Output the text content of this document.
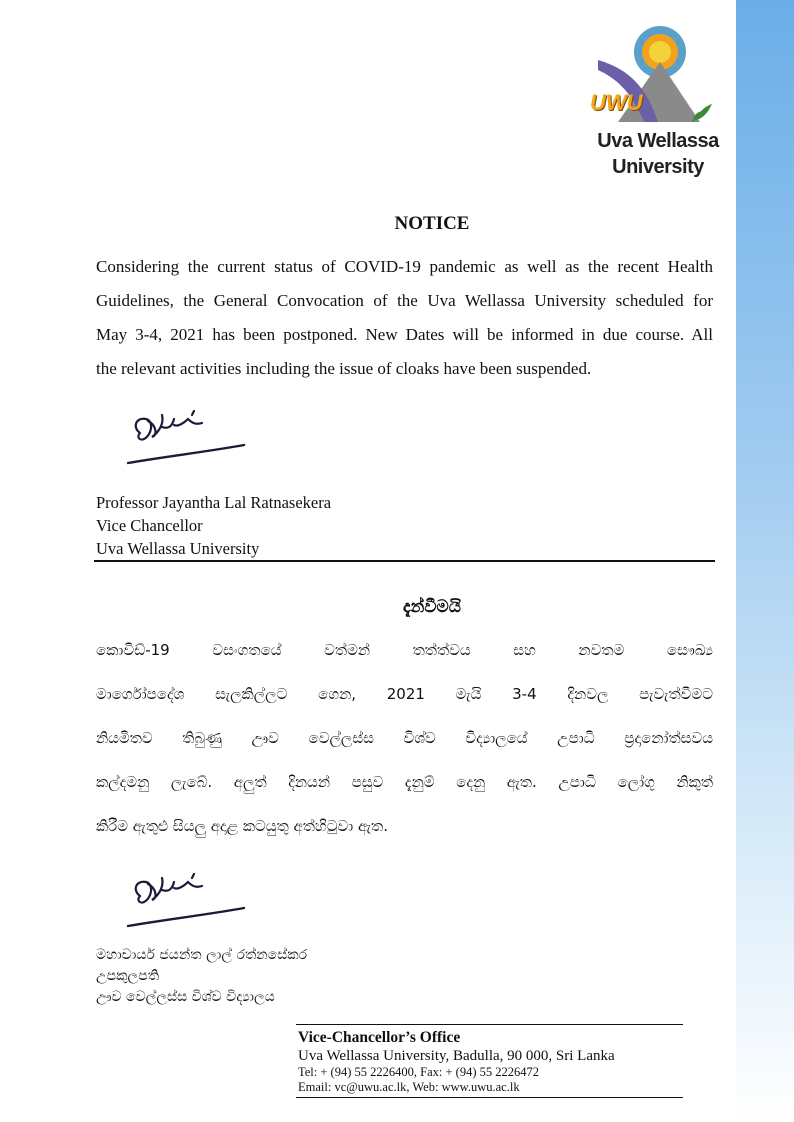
UWU
Uva Wellassa
University
NOTICE

Considering the current status of COVID-19 pandemic as well as the recent Health
Guidelines, the General Convocation of the Uva Wellassa University scheduled for
May 3-4, 2021 has been postponed. New Dates will be informed in due course. All
the relevant activities including the issue of cloaks have been suspended.

Professor Jayantha Lal Ratnasekera
Vice Chancellor
Uva Wellassa University
දැන්වීමයි

කොවිඩ්-19 වසංගතයේ වත්මන් තත්ත්වය සහ නවතම සෞඛ්‍ය
මාර්ගෝපදේශ සැලකිල්ලට ගෙන, 2021 මැයි 3-4 දිනවල පැවැත්වීමට
නියමිතව තිබුණු ඌව වෙල්ලස්ස විශ්ව විද්‍යාලයේ උපාධි ප්‍රදානෝත්සවය
කල්දමනු ලැබේ. අලුත් දිනයන් පසුව දැනුම් දෙනු ඇත. උපාධි ලෝගු නිකුත්
කිරීම ඇතුළු සියලු අදාළ කටයුතු අත්හිටුවා ඇත.

මහාචාර්ය ජයන්ත ලාල් රත්නසේකර
උපකුලපති
ඌව වෙල්ලස්ස විශ්ව විද්‍යාලය
Vice-Chancellor’s Office
Uva Wellassa University, Badulla, 90 000, Sri Lanka
Tel: + (94) 55 2226400, Fax: + (94) 55 2226472
Email: vc@uwu.ac.lk, Web: www.uwu.ac.lk
